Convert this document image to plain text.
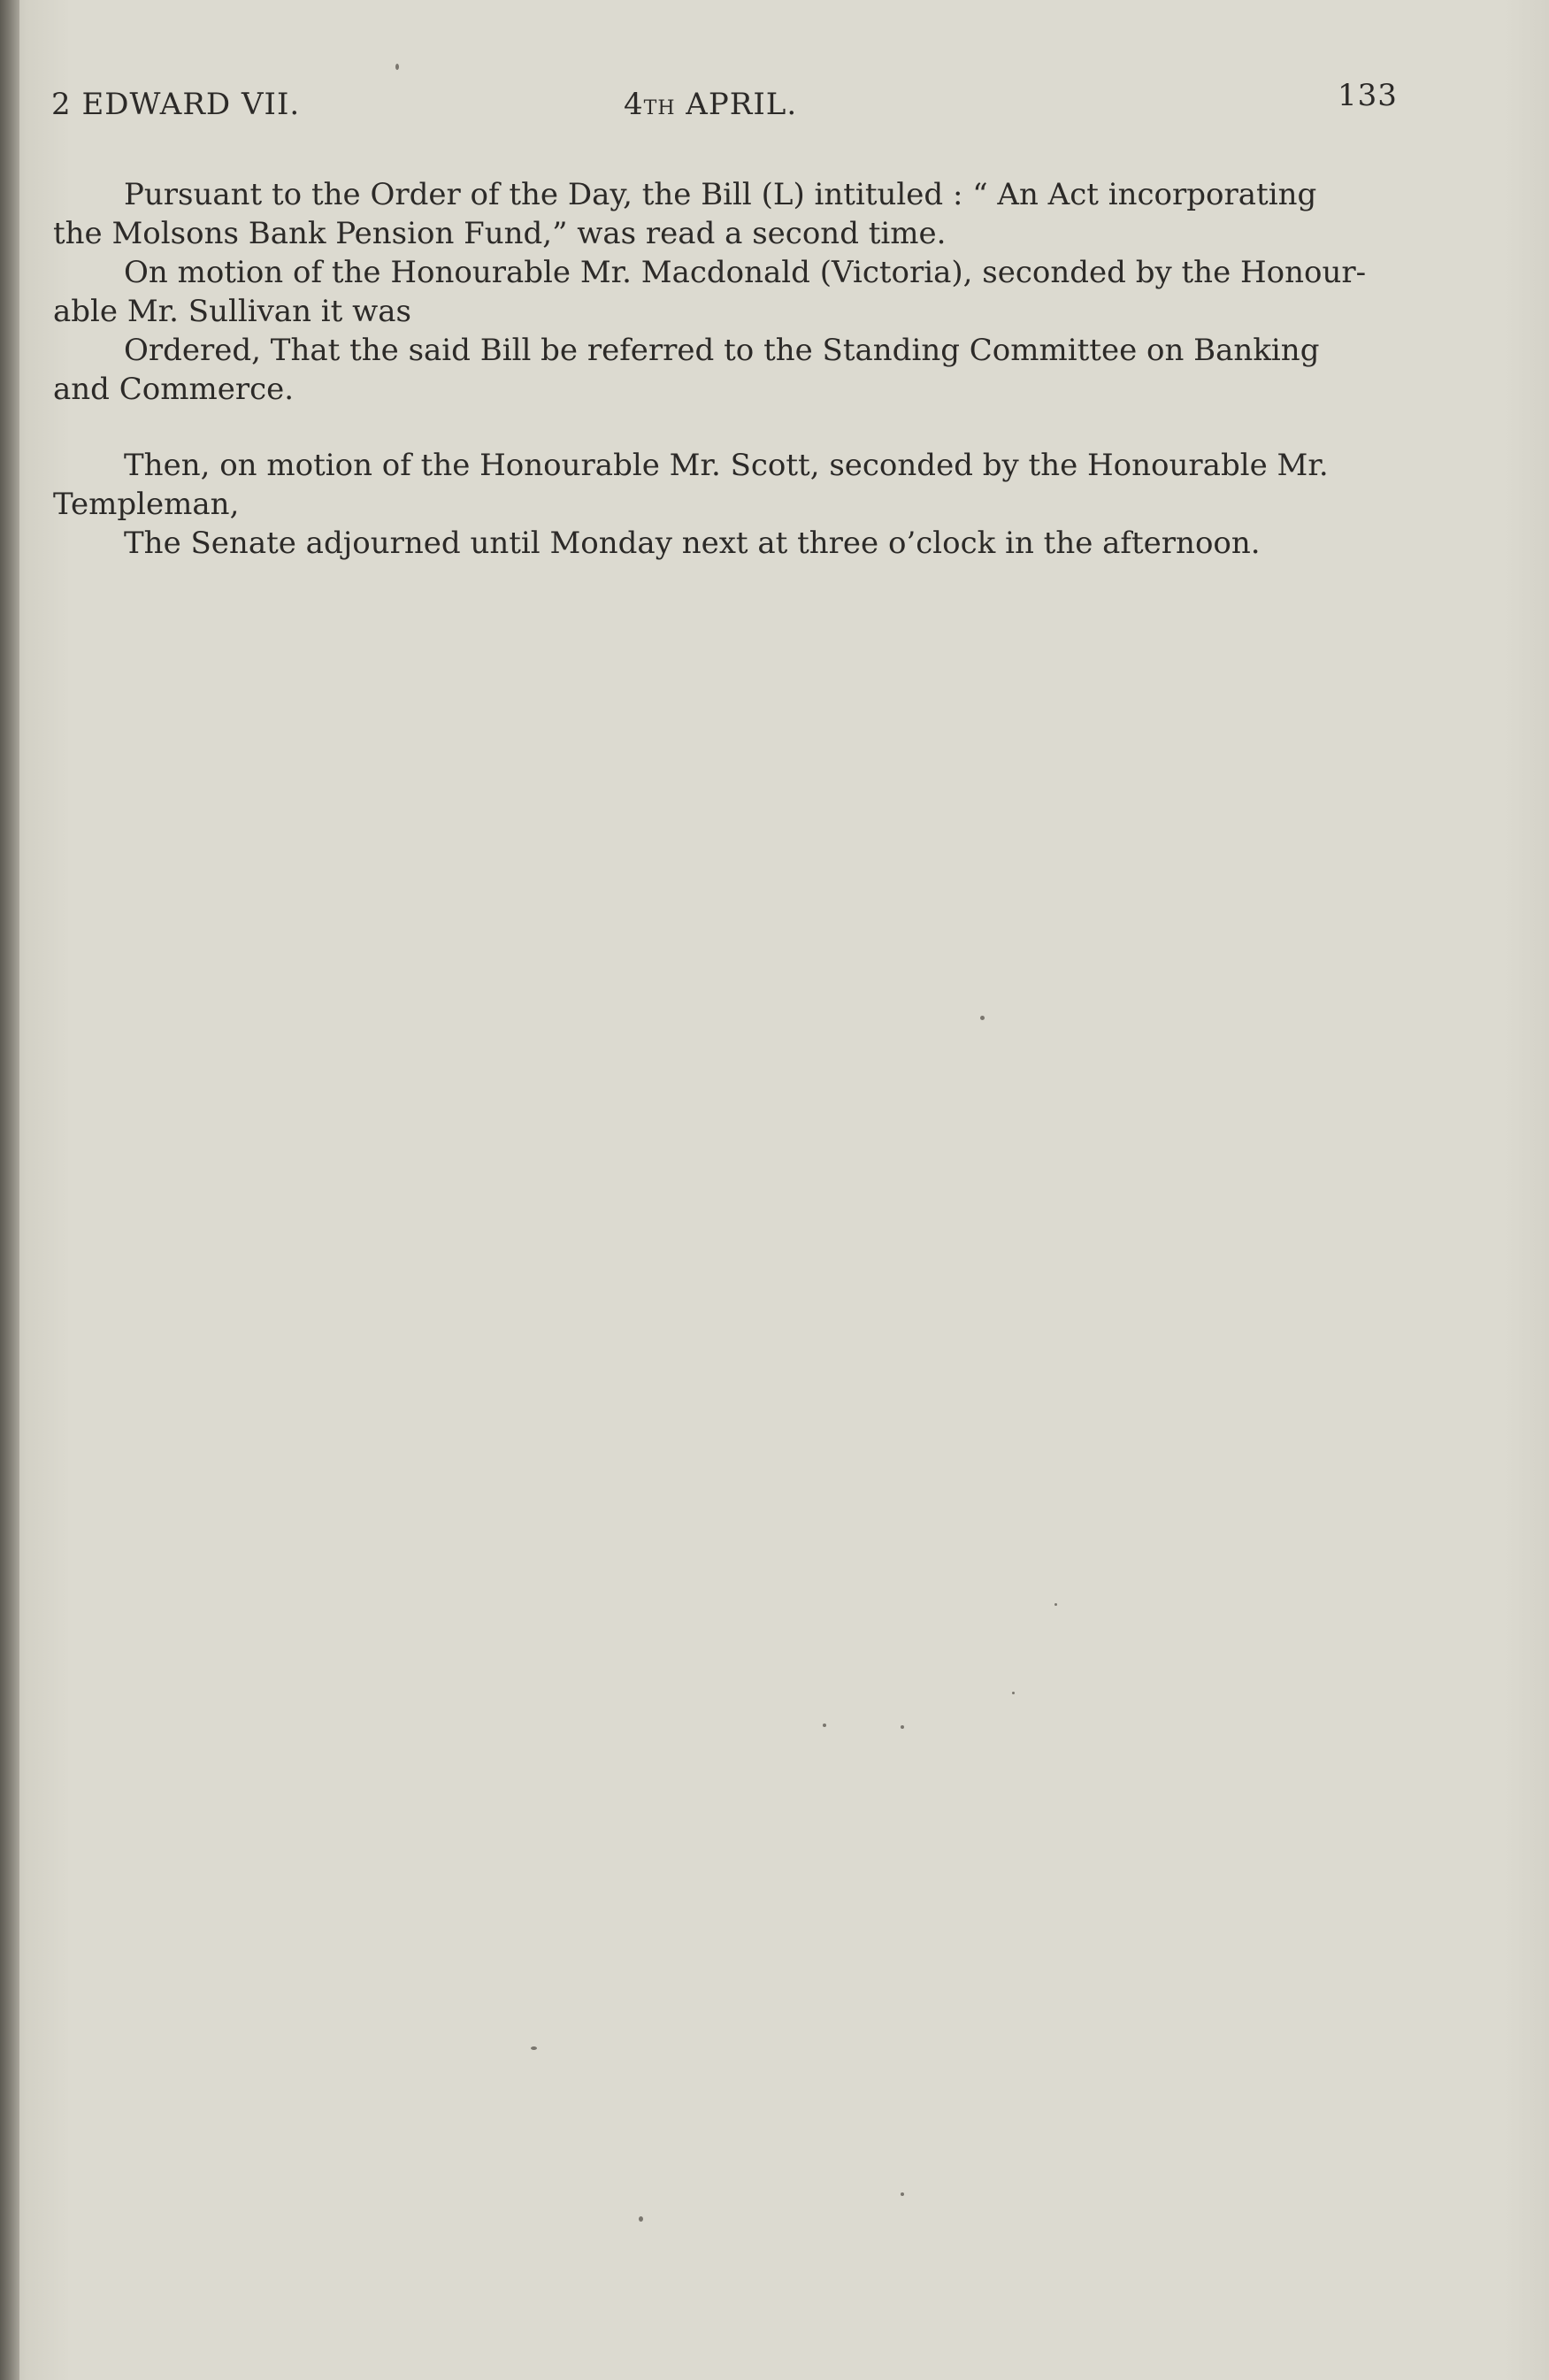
2 EDWARD VII.	4TH APRIL.	133
Pursuant to the Order of the Day, the Bill (L) intituled : “ An Act incorporating
the Molsons Bank Pension Fund,” was read a second time.
On motion of the Honourable Mr. Macdonald (Victoria), seconded by the Honour-
able Mr. Sullivan it was
Ordered, That the said Bill be referred to the Standing Committee on Banking
and Commerce.
Then, on motion of the Honourable Mr. Scott, seconded by the Honourable Mr.
Templeman,
The Senate adjourned until Monday next at three o’clock in the afternoon.
